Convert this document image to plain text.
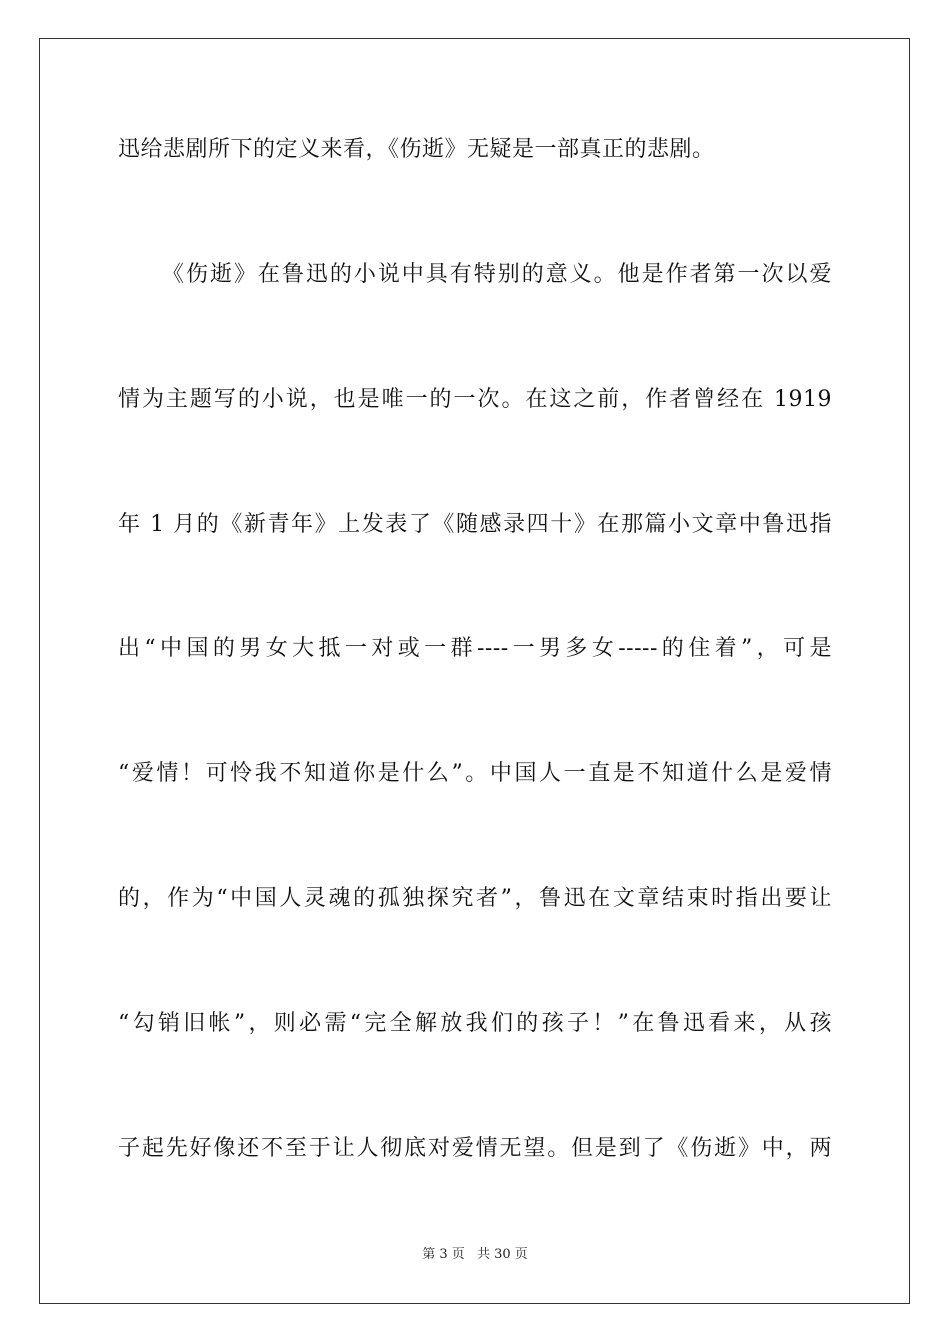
迅给悲剧所下的定义来看，《伤逝》无疑是一部真正的悲剧。
《伤逝》在鲁迅的小说中具有特别的意义。他是作者第一次以爱
情为主题写的小说，也是唯一的一次。在这之前，作者曾经在 1919
年 1 月的《新青年》上发表了《随感录四十》在那篇小文章中鲁迅指
出“中国的男女大抵一对或一群----一男多女-----的住着”，可是
“爱情！可怜我不知道你是什么”。中国人一直是不知道什么是爱情
的，作为“中国人灵魂的孤独探究者”，鲁迅在文章结束时指出要让
“勾销旧帐”，则必需“完全解放我们的孩子！”在鲁迅看来，从孩
子起先好像还不至于让人彻底对爱情无望。但是到了《伤逝》中，两
第 3 页 共 30 页
